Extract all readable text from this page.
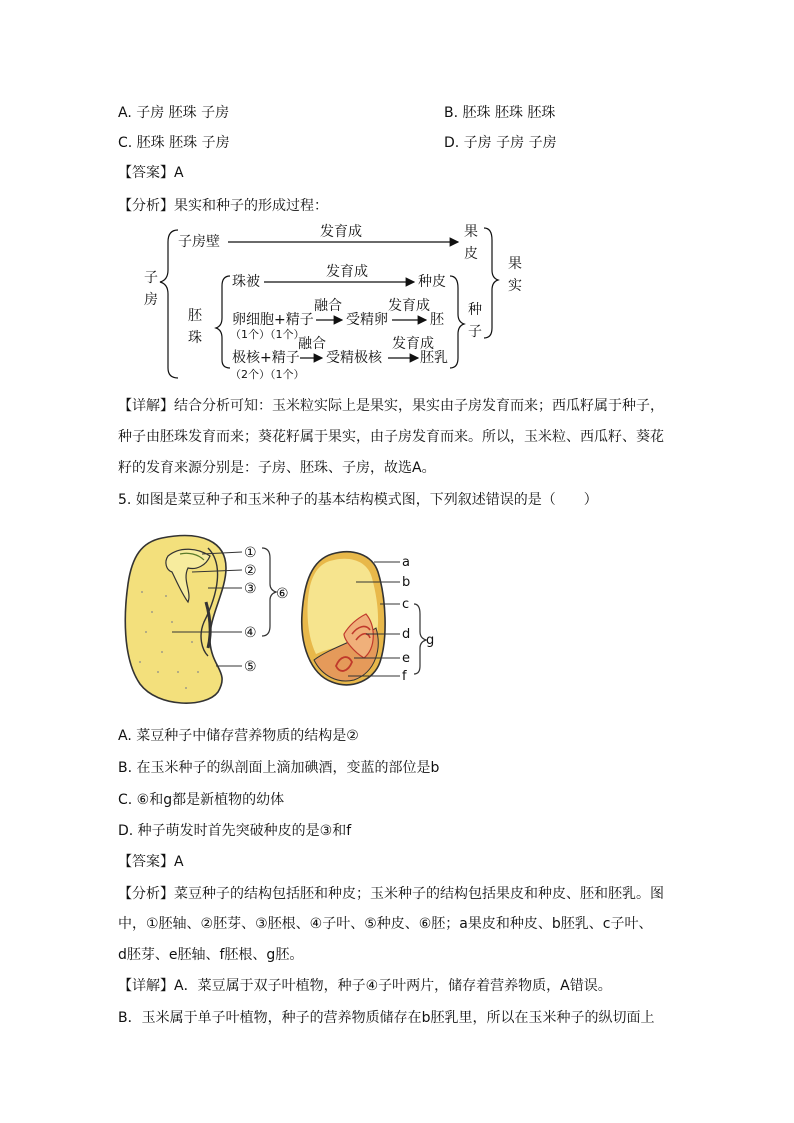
A. 子房 胚珠 子房	B. 胚珠 胚珠 胚珠
C. 胚珠 胚珠 子房	D. 子房 子房 子房
【答案】A
【分析】果实和种子的形成过程：
子
房
子房壁
发育成	果
皮
胚
珠
珠被
发育成
种皮
卵细胞+精子
（1个）（1个）
融合
受精卵
发育成
胚
极核+精子
（2个）（1个）
融合
受精极核
发育成
胚乳
种
子
果
实
【详解】结合分析可知：玉米粒实际上是果实，果实由子房发育而来；西瓜籽属于种子，
种子由胚珠发育而来；葵花籽属于果实，由子房发育而来。所以，玉米粒、西瓜籽、葵花
籽的发育来源分别是：子房、胚珠、子房，故选A。
5. 如图是菜豆种子和玉米种子的基本结构模式图，下列叙述错误的是（　　）
①
②
③
④
⑤
⑥
a
b
c
d
e
f
g
A. 菜豆种子中储存营养物质的结构是②
B. 在玉米种子的纵剖面上滴加碘酒，变蓝的部位是b
C. ⑥和g都是新植物的幼体
D. 种子萌发时首先突破种皮的是③和f
【答案】A
【分析】菜豆种子的结构包括胚和种皮；玉米种子的结构包括果皮和种皮、胚和胚乳。图
中，①胚轴、②胚芽、③胚根、④子叶、⑤种皮、⑥胚；a果皮和种皮、b胚乳、c子叶、
d胚芽、e胚轴、f胚根、g胚。
【详解】A．菜豆属于双子叶植物，种子④子叶两片，储存着营养物质，A错误。
B．玉米属于单子叶植物，种子的营养物质储存在b胚乳里，所以在玉米种子的纵切面上
